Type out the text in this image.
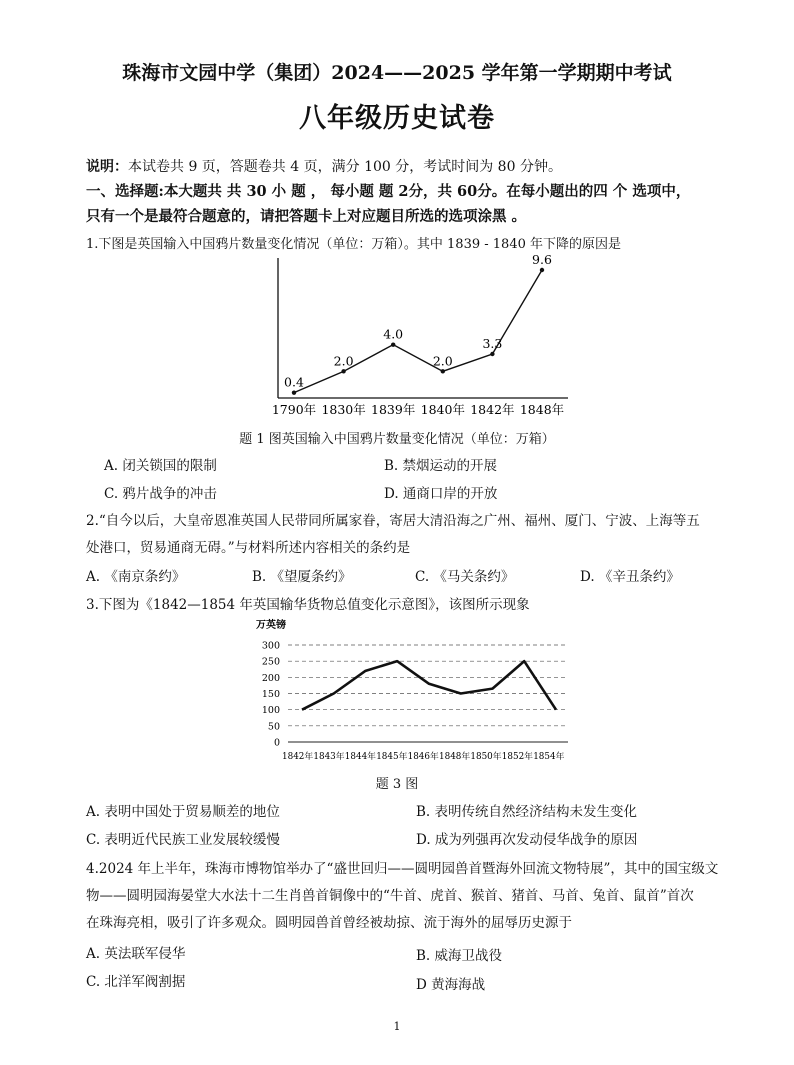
珠海市文园中学（集团）2024——2025 学年第一学期期中考试
八年级历史试卷
说明：本试卷共 9 页，答题卷共 4 页，满分 100 分，考试时间为 80 分钟。
一、选择题:本大题共 共 30 小 题 ， 每小题 题 2分，共 60分。在每小题出的四 个 选项中，
只有一个是最符合题意的，请把答题卡上对应题目所选的选项涂黑 。
1.下图是英国输入中国鸦片数量变化情况（单位：万箱）。其中 1839 - 1840 年下降的原因是
0.4
2.0
4.0
2.0
3.3
9.6
1790年 1830年 1839年 1840年 1842年 1848年
题 1 图英国输入中国鸦片数量变化情况（单位：万箱）
A. 闭关锁国的限制	B. 禁烟运动的开展
C. 鸦片战争的冲击	D. 通商口岸的开放
2.“自今以后，大皇帝恩准英国人民带同所属家眷，寄居大清沿海之广州、福州、厦门、宁波、上海等五
处港口，贸易通商无碍。”与材料所述内容相关的条约是
A. 《南京条约》	B. 《望厦条约》	C. 《马关条约》	D. 《辛丑条约》
3.下图为《1842—1854 年英国输华货物总值变化示意图》，该图所示现象
万英镑
0
50
100
150
200
250
300
1842年 1843年 1844年 1845年 1846年 1848年 1850年 1852年 1854年
题 3 图
A. 表明中国处于贸易顺差的地位	B. 表明传统自然经济结构未发生变化
C. 表明近代民族工业发展较缓慢	D. 成为列强再次发动侵华战争的原因
4.2024 年上半年，珠海市博物馆举办了“盛世回归——圆明园兽首暨海外回流文物特展”，其中的国宝级文
物——圆明园海晏堂大水法十二生肖兽首铜像中的“牛首、虎首、猴首、猪首、马首、兔首、鼠首”首次
在珠海亮相，吸引了许多观众。圆明园兽首曾经被劫掠、流于海外的屈辱历史源于
A. 英法联军侵华	B. 威海卫战役
C. 北洋军阀割据	D 黄海海战
1
